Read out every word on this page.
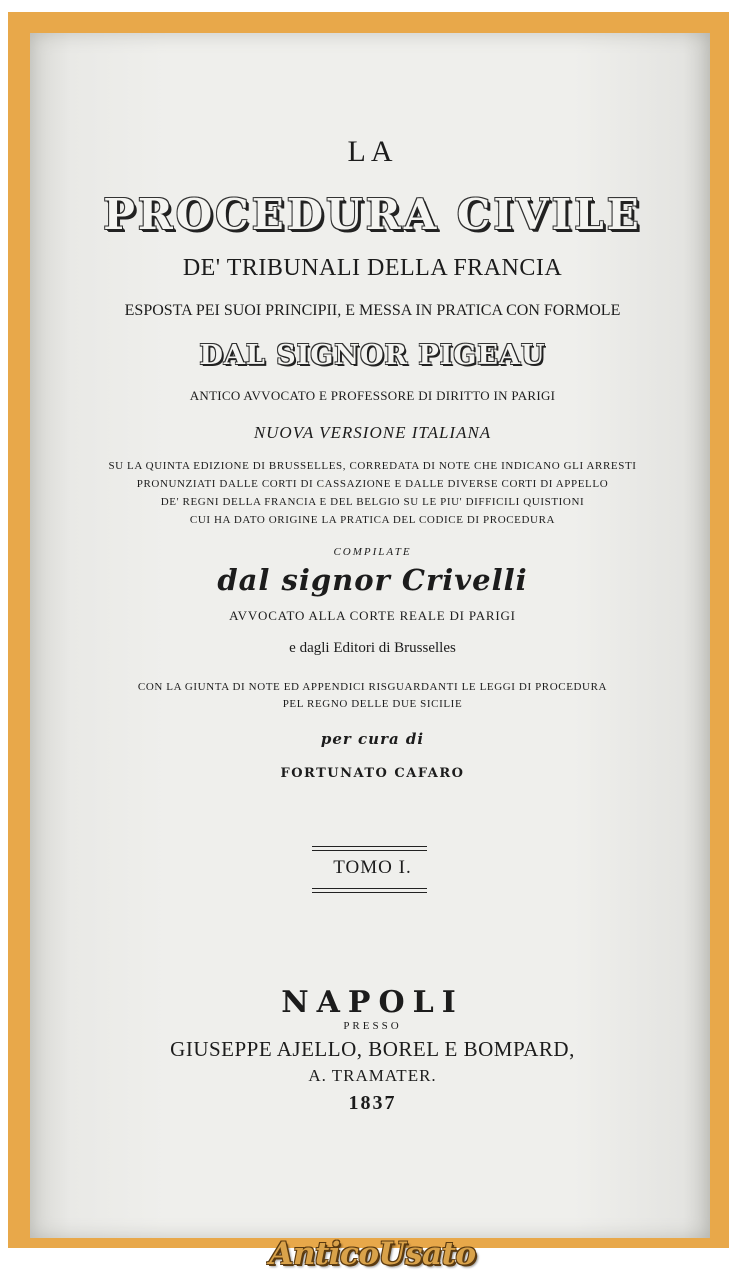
LA
PROCEDURA CIVILE
DE' TRIBUNALI DELLA FRANCIA
ESPOSTA PEI SUOI PRINCIPII, E MESSA IN PRATICA CON FORMOLE
DAL SIGNOR PIGEAU
ANTICO AVVOCATO E PROFESSORE DI DIRITTO IN PARIGI
NUOVA VERSIONE ITALIANA
SU LA QUINTA EDIZIONE DI BRUSSELLES, CORREDATA DI NOTE CHE INDICANO GLI ARRESTI
PRONUNZIATI DALLE CORTI DI CASSAZIONE E DALLE DIVERSE CORTI DI APPELLO
DE' REGNI DELLA FRANCIA E DEL BELGIO SU LE PIU' DIFFICILI QUISTIONI
CUI HA DATO ORIGINE LA PRATICA DEL CODICE DI PROCEDURA
COMPILATE
dal signor Crivelli
AVVOCATO ALLA CORTE REALE DI PARIGI
e dagli Editori di Brusselles
CON LA GIUNTA DI NOTE ED APPENDICI RISGUARDANTI LE LEGGI DI PROCEDURA
PEL REGNO DELLE DUE SICILIE
per cura di
FORTUNATO CAFARO
TOMO I.
NAPOLI
PRESSO
GIUSEPPE AJELLO, BOREL E BOMPARD,
A. TRAMATER.
1837
AnticoUsato
